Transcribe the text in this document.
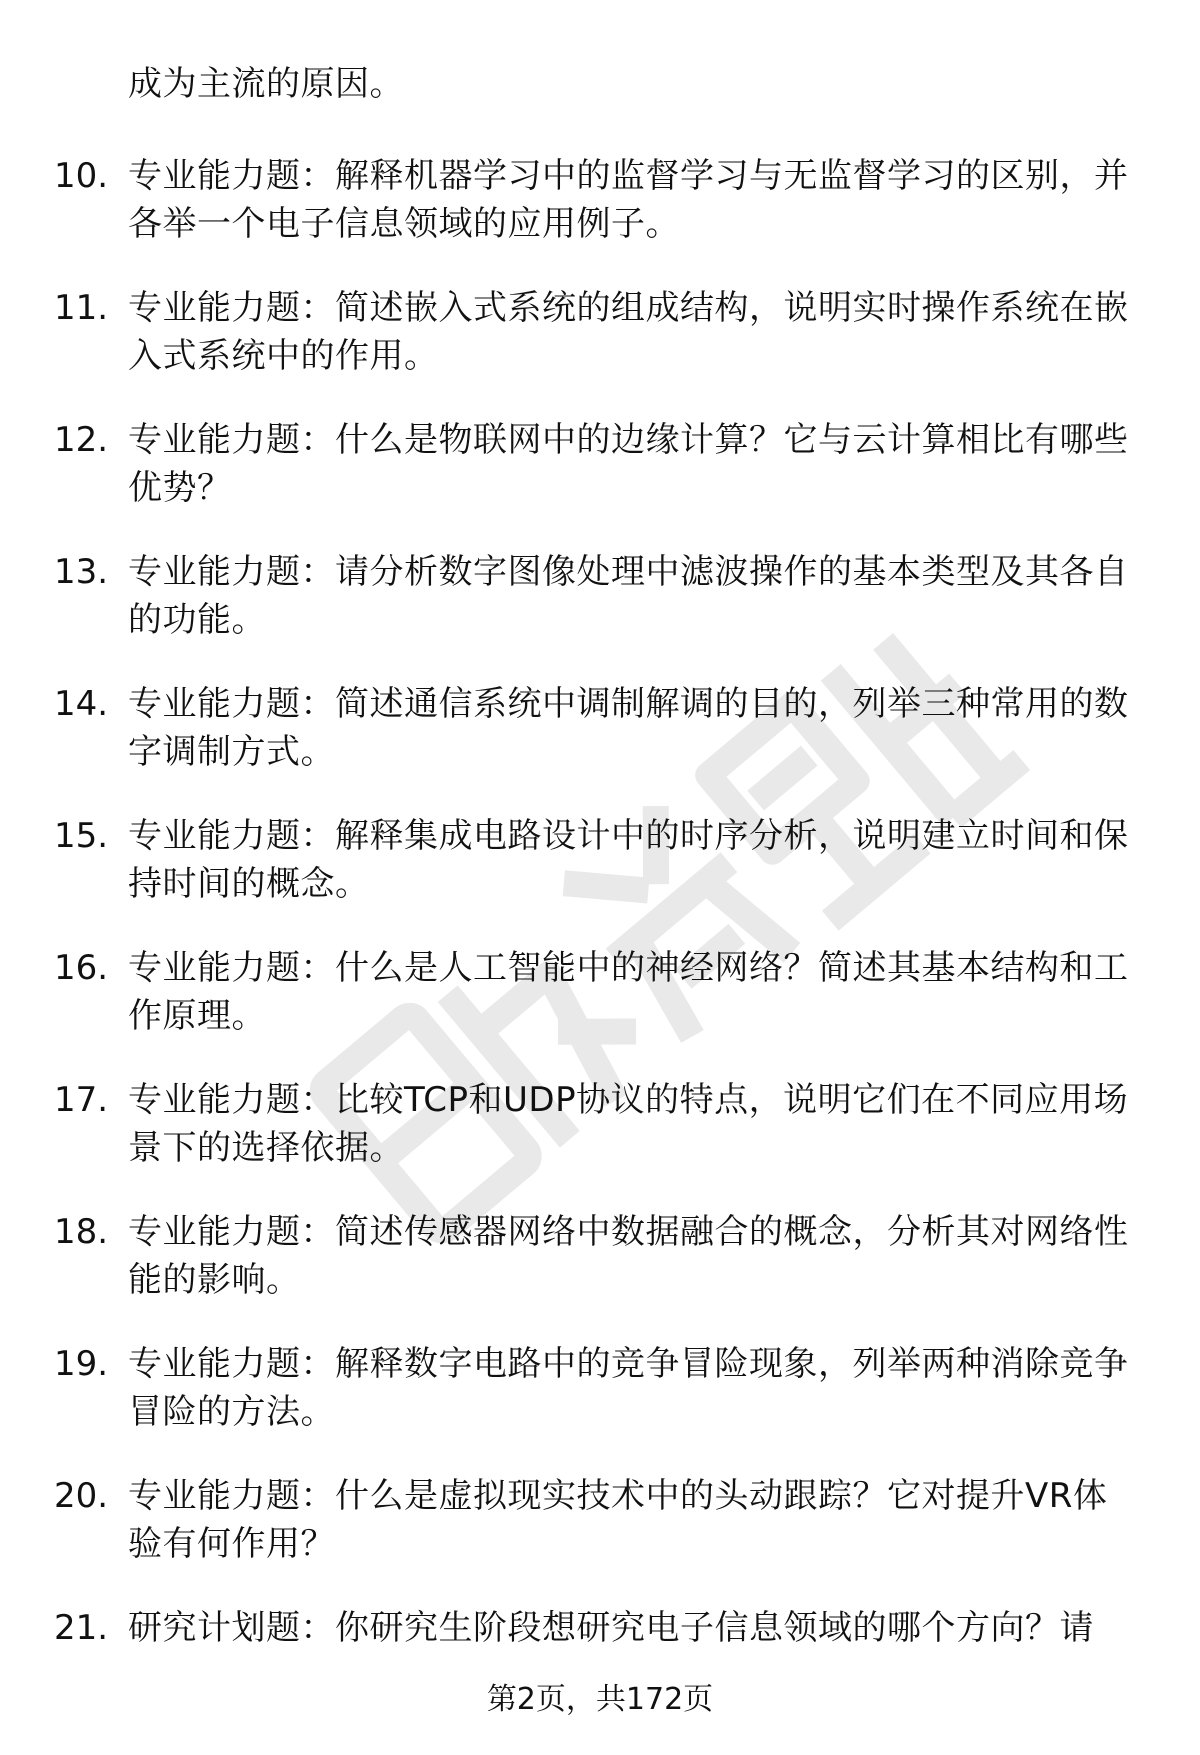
成为主流的原因。
10. 专业能力题：解释机器学习中的监督学习与无监督学习的区别，并各举一个电子信息领域的应用例子。
11. 专业能力题：简述嵌入式系统的组成结构，说明实时操作系统在嵌入式系统中的作用。
12. 专业能力题：什么是物联网中的边缘计算？它与云计算相比有哪些优势？
13. 专业能力题：请分析数字图像处理中滤波操作的基本类型及其各自的功能。
14. 专业能力题：简述通信系统中调制解调的目的，列举三种常用的数字调制方式。
15. 专业能力题：解释集成电路设计中的时序分析，说明建立时间和保持时间的概念。
16. 专业能力题：什么是人工智能中的神经网络？简述其基本结构和工作原理。
17. 专业能力题：比较TCP和UDP协议的特点，说明它们在不同应用场景下的选择依据。
18. 专业能力题：简述传感器网络中数据融合的概念，分析其对网络性能的影响。
19. 专业能力题：解释数字电路中的竞争冒险现象，列举两种消除竞争冒险的方法。
20. 专业能力题：什么是虚拟现实技术中的头动跟踪？它对提升VR体验有何作用？
21. 研究计划题：你研究生阶段想研究电子信息领域的哪个方向？请
第2页，共172页
